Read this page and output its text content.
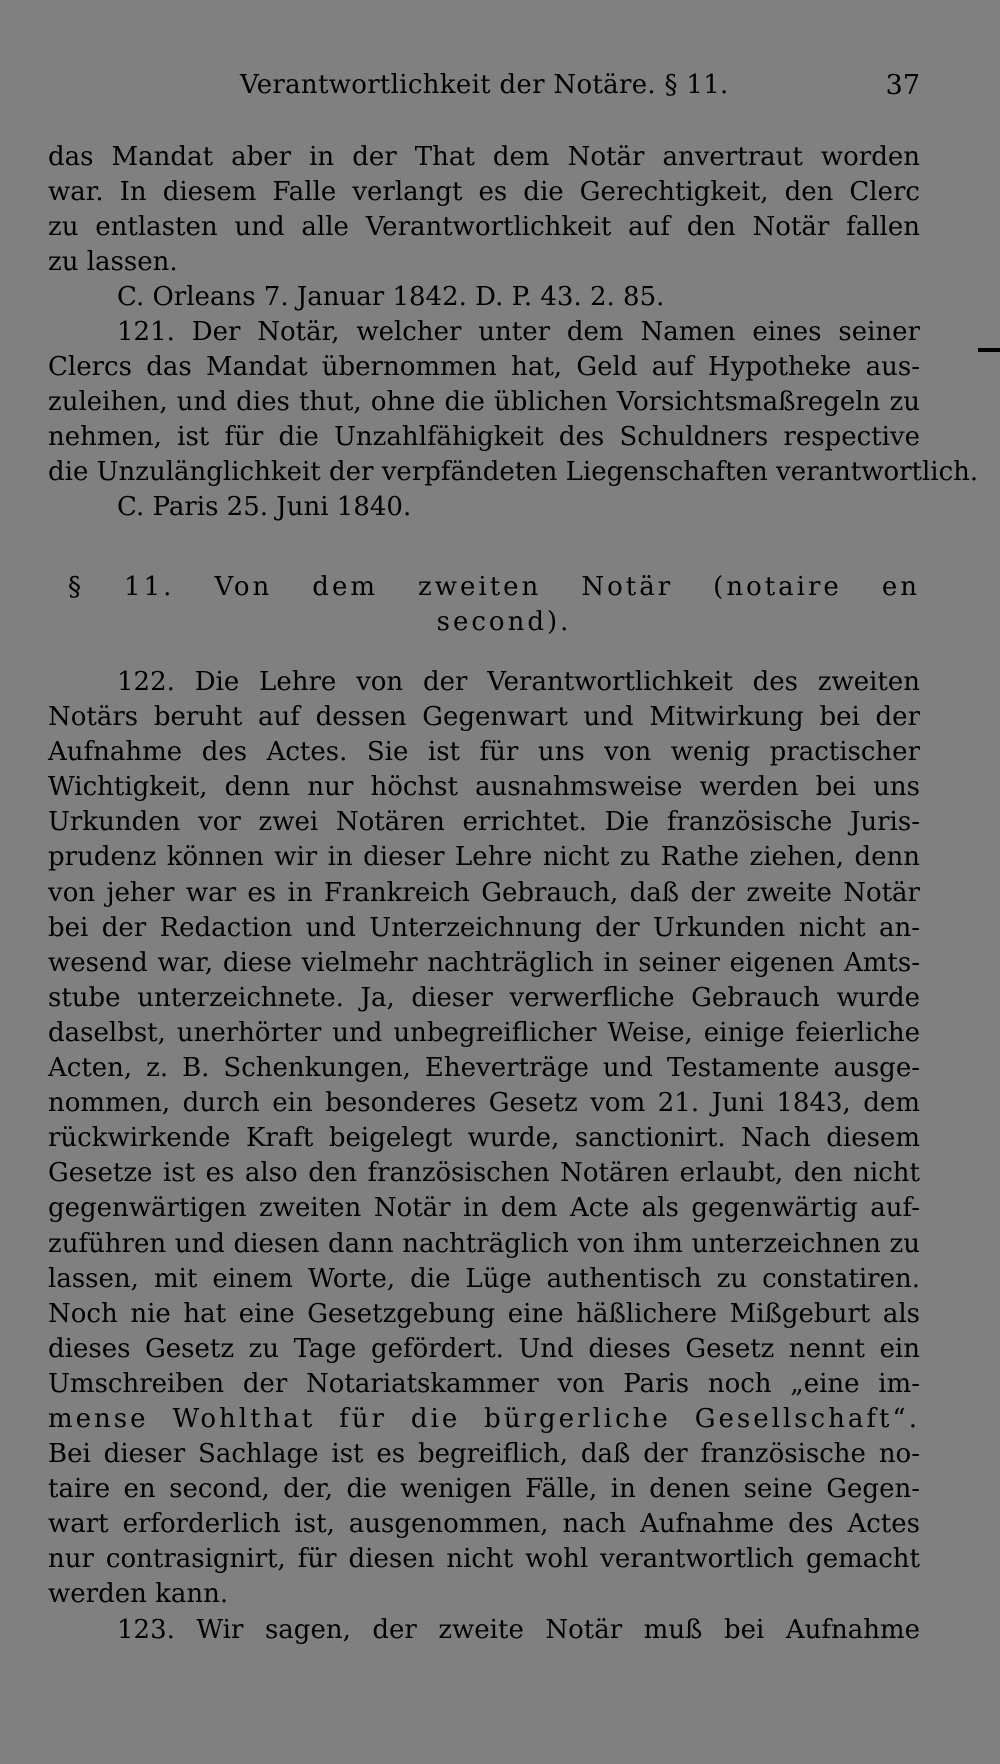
Verantwortlichkeit der Notäre. § 11.	37
das Mandat aber in der That dem Notär anvertraut worden
war. In diesem Falle verlangt es die Gerechtigkeit, den Clerc
zu entlasten und alle Verantwortlichkeit auf den Notär fallen
zu lassen.
C. Orleans 7. Januar 1842. D. P. 43. 2. 85.
121. Der Notär, welcher unter dem Namen eines seiner
Clercs das Mandat übernommen hat, Geld auf Hypotheke aus-
zuleihen, und dies thut, ohne die üblichen Vorsichtsmaßregeln zu
nehmen, ist für die Unzahlfähigkeit des Schuldners respective
die Unzulänglichkeit der verpfändeten Liegenschaften verantwortlich.
C. Paris 25. Juni 1840.
§ 11. Von dem zweiten Notär (notaire en
second).
122. Die Lehre von der Verantwortlichkeit des zweiten
Notärs beruht auf dessen Gegenwart und Mitwirkung bei der
Aufnahme des Actes. Sie ist für uns von wenig practischer
Wichtigkeit, denn nur höchst ausnahmsweise werden bei uns
Urkunden vor zwei Notären errichtet. Die französische Juris-
prudenz können wir in dieser Lehre nicht zu Rathe ziehen, denn
von jeher war es in Frankreich Gebrauch, daß der zweite Notär
bei der Redaction und Unterzeichnung der Urkunden nicht an-
wesend war, diese vielmehr nachträglich in seiner eigenen Amts-
stube unterzeichnete. Ja, dieser verwerfliche Gebrauch wurde
daselbst, unerhörter und unbegreiflicher Weise, einige feierliche
Acten, z. B. Schenkungen, Eheverträge und Testamente ausge-
nommen, durch ein besonderes Gesetz vom 21. Juni 1843, dem
rückwirkende Kraft beigelegt wurde, sanctionirt. Nach diesem
Gesetze ist es also den französischen Notären erlaubt, den nicht
gegenwärtigen zweiten Notär in dem Acte als gegenwärtig auf-
zuführen und diesen dann nachträglich von ihm unterzeichnen zu
lassen, mit einem Worte, die Lüge authentisch zu constatiren.
Noch nie hat eine Gesetzgebung eine häßlichere Mißgeburt als
dieses Gesetz zu Tage gefördert. Und dieses Gesetz nennt ein
Umschreiben der Notariatskammer von Paris noch „eine im-
mense Wohlthat für die bürgerliche Gesellschaft“.
Bei dieser Sachlage ist es begreiflich, daß der französische no-
taire en second, der, die wenigen Fälle, in denen seine Gegen-
wart erforderlich ist, ausgenommen, nach Aufnahme des Actes
nur contrasignirt, für diesen nicht wohl verantwortlich gemacht
werden kann.
123. Wir sagen, der zweite Notär muß bei Aufnahme
